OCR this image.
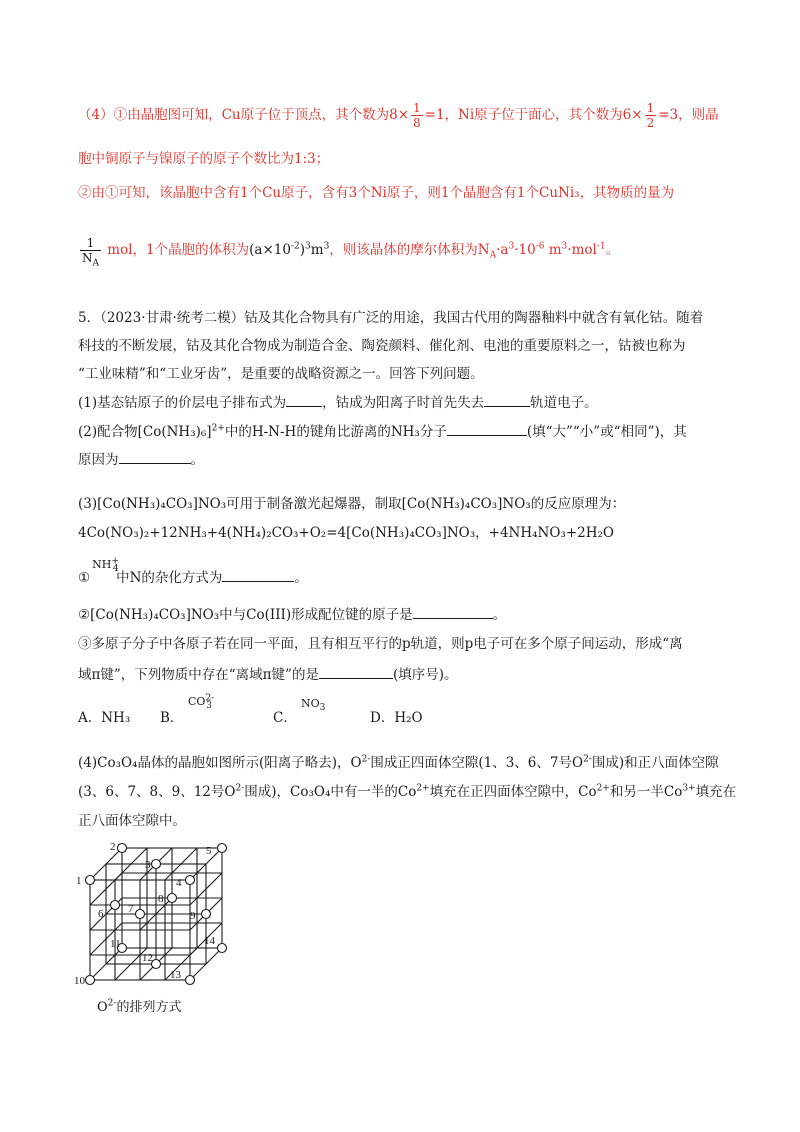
（4）①由晶胞图可知，Cu原子位于顶点，其个数为$8\times \frac{1}{8} =1$，Ni原子位于面心，其个数为$6\times \frac{1}{2} =3$，则晶
胞中铜原子与镍原子的原子个数比为1:3；
②由①可知，该晶胞中含有1个Cu原子，含有3个Ni原子，则1个晶胞含有1个CuNi₃，其物质的量为
$\frac{1}{N_A}$ mol，1个晶胞的体积为$(a\times 10^{-2})^3m^3$，则该晶体的摩尔体积为$N_A\cdot a^3\cdot 10^{-6}$ $m^3\cdot mol^{-1}$。
5．（2023·甘肃·统考二模）钴及其化合物具有广泛的用途，我国古代用的陶器釉料中就含有氧化钴。随着
科技的不断发展，钴及其化合物成为制造合金、陶瓷颜料、催化剂、电池的重要原料之一，钴被也称为
“工业味精”和“工业牙齿”，是重要的战略资源之一。回答下列问题。
(1)基态钴原子的价层电子排布式为	，钴成为阳离子时首先失去	轨道电子。
(2)配合物$[Co(NH_3)_6]^{2+}$中的H-N-H的键角比游离的NH₃分子	(填“大”“小”或“相同”)，其
原因为	。
(3)[Co(NH₃)₄CO₃]NO₃可用于制备激光起爆器，制取[Co(NH₃)₄CO₃]NO₃的反应原理为：
4Co(NO₃)₂+12NH₃+4(NH₄)₂CO₃+O₂=4[Co(NH₃)₄CO₃]NO₃，+4NH₄NO₃+2H₂O
①
$NH^+_4$
中N的杂化方式为	。
②[Co(NH₃)₄CO₃]NO₃中与Co(III)形成配位键的原子是	。
③多原子分子中各原子若在同一平面，且有相互平行的p轨道，则p电子可在多个原子间运动，形成“离
域π键”，下列物质中存在“离域π键”的是	(填序号)。
A．NH₃ B．
$CO^{2-}_3$
C．
$NO_3$
D．H₂O
(4)Co₃O₄晶体的晶胞如图所示(阳离子略去)，$O^{2-}$围成正四面体空隙(1、3、6、7号$O^{2-}$围成)和正八面体空隙
(3、6、7、8、9、12号$O^{2-}$围成)，Co₃O₄中有一半的$Co^{2+}$填充在正四面体空隙中，$Co^{2+}$和另一半$Co^{3+}$填充在
正八面体空隙中。
1
2
3
4
5
6 7
8
9
10
11
12
13
14
$O^{2-}$的排列方式
